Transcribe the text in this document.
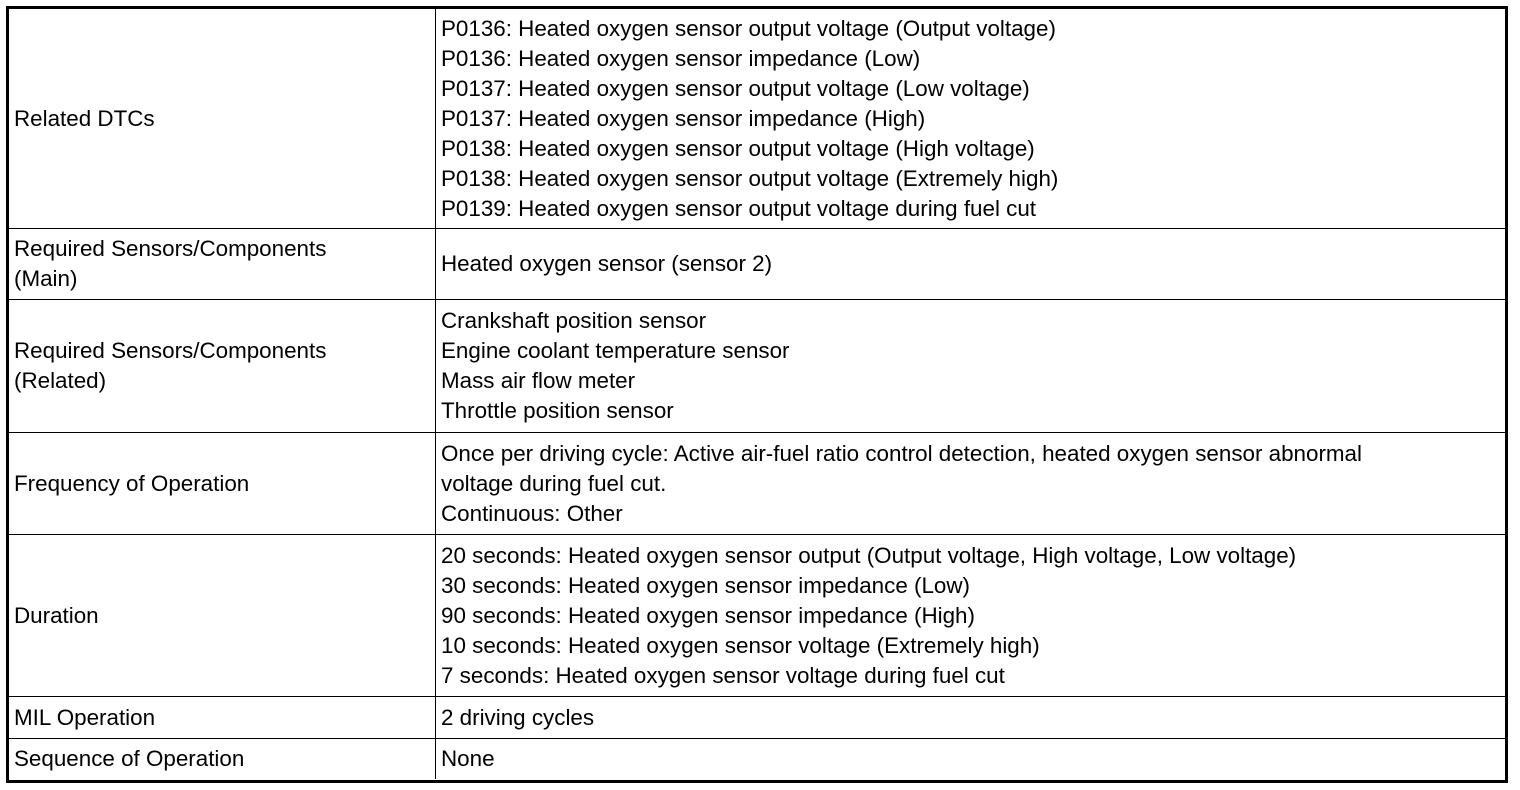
Related DTCs
P0136: Heated oxygen sensor output voltage (Output voltage)
P0136: Heated oxygen sensor impedance (Low)
P0137: Heated oxygen sensor output voltage (Low voltage)
P0137: Heated oxygen sensor impedance (High)
P0138: Heated oxygen sensor output voltage (High voltage)
P0138: Heated oxygen sensor output voltage (Extremely high)
P0139: Heated oxygen sensor output voltage during fuel cut
Required Sensors/Components
(Main)
Heated oxygen sensor (sensor 2)
Required Sensors/Components
(Related)
Crankshaft position sensor
Engine coolant temperature sensor
Mass air flow meter
Throttle position sensor
Frequency of Operation
Once per driving cycle: Active air-fuel ratio control detection, heated oxygen sensor abnormal
voltage during fuel cut.
Continuous: Other
Duration
20 seconds: Heated oxygen sensor output (Output voltage, High voltage, Low voltage)
30 seconds: Heated oxygen sensor impedance (Low)
90 seconds: Heated oxygen sensor impedance (High)
10 seconds: Heated oxygen sensor voltage (Extremely high)
7 seconds: Heated oxygen sensor voltage during fuel cut
MIL Operation	2 driving cycles
Sequence of Operation	None
